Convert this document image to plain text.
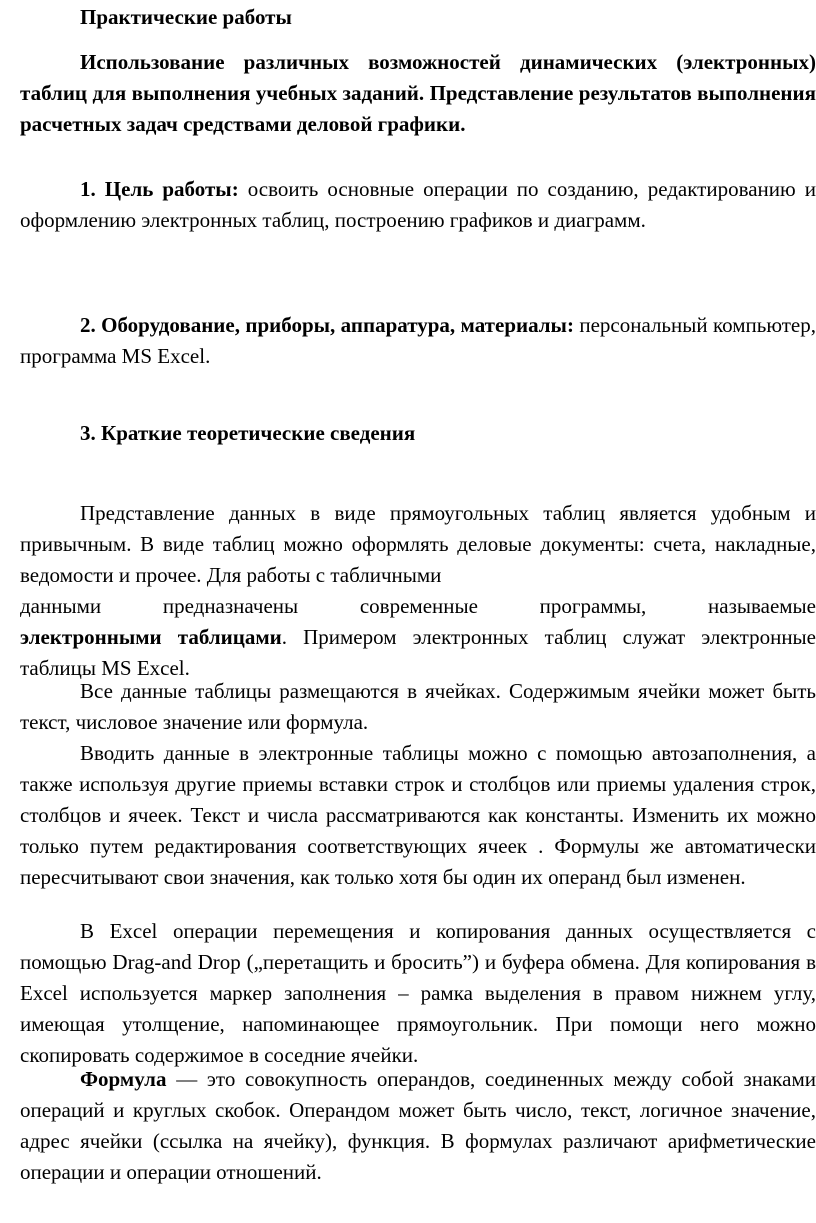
Практические работы

Использование различных возможностей динамических (электронных) таблиц для выполнения учебных заданий. Представление результатов выполнения расчетных задач средствами деловой графики.

1. Цель работы: освоить основные операции по созданию, редактированию и оформлению электронных таблиц, построению графиков и диаграмм.

2. Оборудование, приборы, аппаратура, материалы: персональный компьютер, программа MS Excel.

3. Краткие теоретические сведения

Представление данных в виде прямоугольных таблиц является удобным и привычным. В виде таблиц можно оформлять деловые документы: счета, накладные, ведомости и прочее. Для работы с табличными
данными предназначены современные программы, называемые
электронными таблицами. Примером электронных таблиц служат электронные таблицы MS Excel.

Все данные таблицы размещаются в ячейках. Содержимым ячейки может быть текст, числовое значение или формула.

Вводить данные в электронные таблицы можно с помощью автозаполнения, а также используя другие приемы вставки строк и столбцов или приемы удаления строк, столбцов и ячеек. Текст и числа рассматриваются как константы. Изменить их можно только путем редактирования соответствующих ячеек . Формулы же автоматически пересчитывают свои значения, как только хотя бы один их операнд был изменен.

В Excel операции перемещения и копирования данных осуществляется с помощью Drag-and Drop („перетащить и бросить”) и буфера обмена. Для копирования в Excel используется маркер заполнения – рамка выделения в правом нижнем углу, имеющая утолщение, напоминающее прямоугольник. При помощи него можно скопировать содержимое в соседние ячейки.

Формула — это совокупность операндов, соединенных между собой знаками операций и круглых скобок. Операндом может быть число, текст, логичное значение, адрес ячейки (ссылка на ячейку), функция. В формулах различают арифметические операции и операции отношений.
